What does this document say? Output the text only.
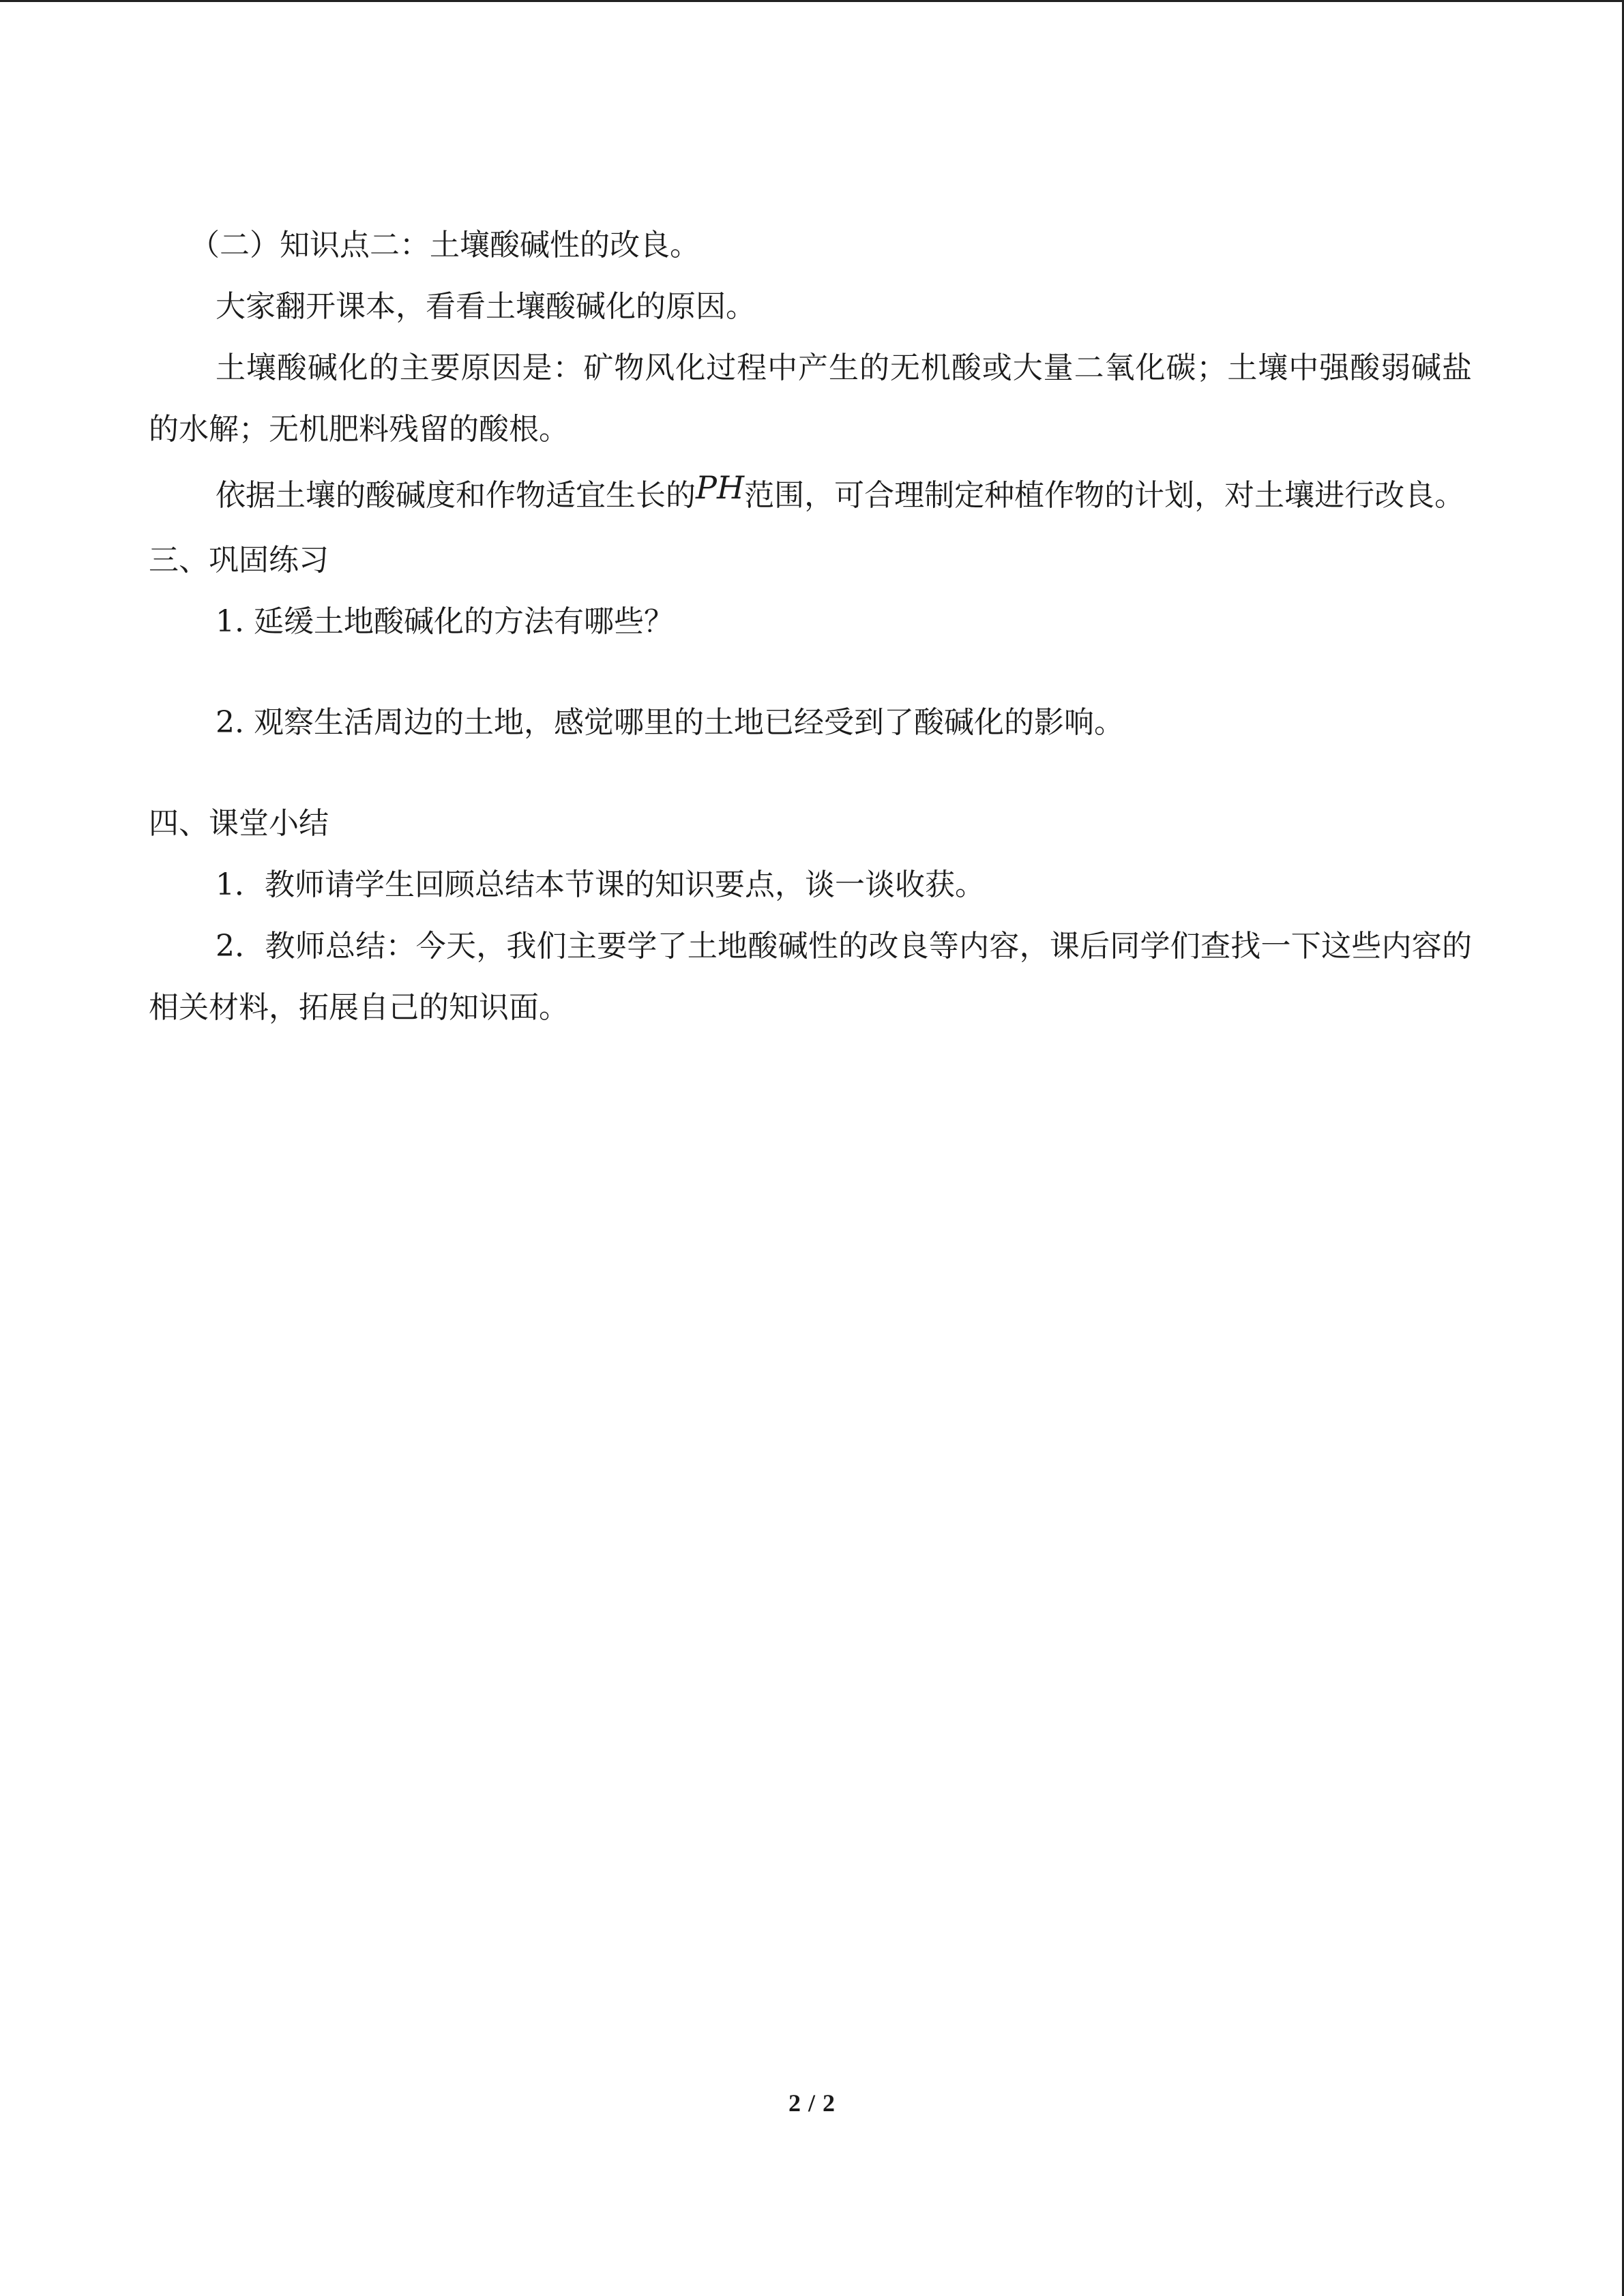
（二）知识点二：土壤酸碱性的改良。

大家翻开课本，看看土壤酸碱化的原因。

土壤酸碱化的主要原因是：矿物风化过程中产生的无机酸或大量二氧化碳；土壤中强酸弱碱盐的水解；无机肥料残留的酸根。

依据土壤的酸碱度和作物适宜生长的PH范围，可合理制定种植作物的计划，对土壤进行改良。

三、巩固练习

1. 延缓土地酸碱化的方法有哪些？

2. 观察生活周边的土地，感觉哪里的土地已经受到了酸碱化的影响。

四、课堂小结

1．教师请学生回顾总结本节课的知识要点，谈一谈收获。

2．教师总结：今天，我们主要学了土地酸碱性的改良等内容，课后同学们查找一下这些内容的相关材料，拓展自己的知识面。

2 / 2
